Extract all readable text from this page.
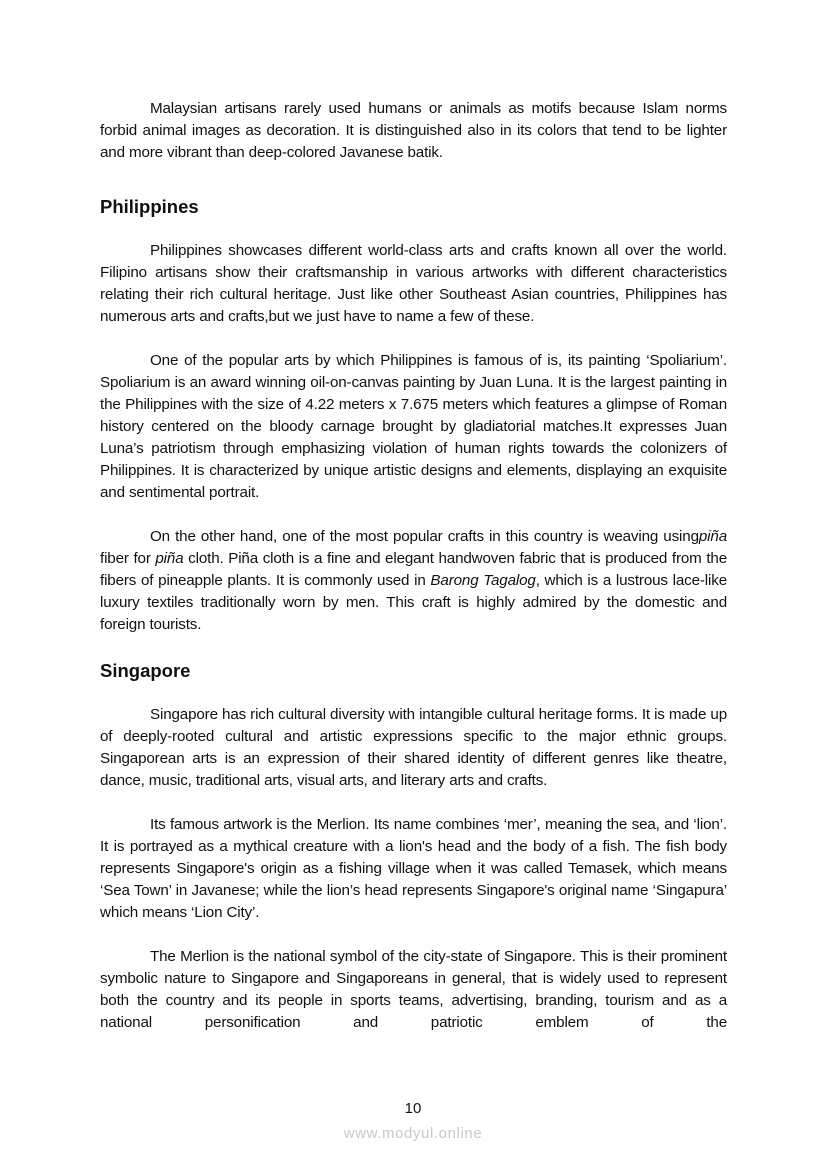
Malaysian artisans rarely used humans or animals as motifs because Islam norms forbid animal images as decoration. It is distinguished also in its colors that tend to be lighter and more vibrant than deep-colored Javanese batik.

Philippines

Philippines showcases different world-class arts and crafts known all over the world. Filipino artisans show their craftsmanship in various artworks with different characteristics relating their rich cultural heritage. Just like other Southeast Asian countries, Philippines has numerous arts and crafts,but we just have to name a few of these.

One of the popular arts by which Philippines is famous of is, its painting ‘Spoliarium’. Spoliarium is an award winning oil-on-canvas painting by Juan Luna. It is the largest painting in the Philippines with the size of 4.22 meters x 7.675 meters which features a glimpse of Roman history centered on the bloody carnage brought by gladiatorial matches.It expresses Juan Luna’s patriotism through emphasizing violation of human rights towards the colonizers of Philippines. It is characterized by unique artistic designs and elements, displaying an exquisite and sentimental portrait.

On the other hand, one of the most popular crafts in this country is weaving usingpiña fiber for piña cloth. Piña cloth is a fine and elegant handwoven fabric that is produced from the fibers of pineapple plants. It is commonly used in Barong Tagalog, which is a lustrous lace-like luxury textiles traditionally worn by men. This craft is highly admired by the domestic and foreign tourists.

Singapore

Singapore has rich cultural diversity with intangible cultural heritage forms. It is made up of deeply-rooted cultural and artistic expressions specific to the major ethnic groups. Singaporean arts is an expression of their shared identity of different genres like theatre, dance, music, traditional arts, visual arts, and literary arts and crafts.

Its famous artwork is the Merlion. Its name combines ‘mer’, meaning the sea, and ‘lion’. It is portrayed as a mythical creature with a lion's head and the body of a fish. The fish body represents Singapore's origin as a fishing village when it was called Temasek, which means ‘Sea Town’ in Javanese; while the lion’s head represents Singapore's original name ‘Singapura’ which means ‘Lion City’.

The Merlion is the national symbol of the city-state of Singapore. This is their prominent symbolic nature to Singapore and Singaporeans in general, that is widely used to represent both the country and its people in sports teams, advertising, branding, tourism and as a national personification and patriotic emblem of the

10
www.modyul.online
